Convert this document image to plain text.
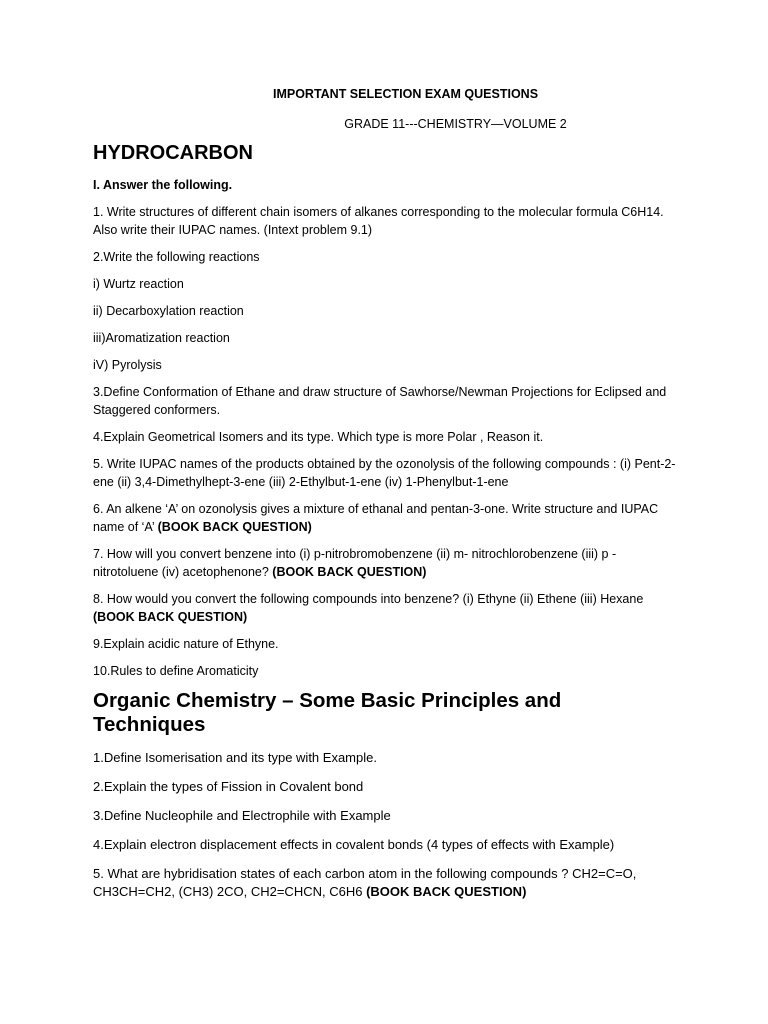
IMPORTANT SELECTION EXAM QUESTIONS
GRADE 11---CHEMISTRY—VOLUME 2
HYDROCARBON
I. Answer the following.

1. Write structures of different chain isomers of alkanes corresponding to the molecular formula C6H14. Also write their IUPAC names. (Intext problem 9.1)

2.Write the following reactions

i) Wurtz reaction

ii) Decarboxylation reaction

iii)Aromatization reaction

iV) Pyrolysis

3.Define Conformation of Ethane and draw structure of Sawhorse/Newman Projections for Eclipsed and Staggered conformers.

4.Explain Geometrical Isomers and its type. Which type is more Polar , Reason it.

5. Write IUPAC names of the products obtained by the ozonolysis of the following compounds : (i) Pent-2-ene (ii) 3,4-Dimethylhept-3-ene (iii) 2-Ethylbut-1-ene (iv) 1-Phenylbut-1-ene

6. An alkene ‘A’ on ozonolysis gives a mixture of ethanal and pentan-3-one. Write structure and IUPAC name of ‘A’ (BOOK BACK QUESTION)

7. How will you convert benzene into (i) p-nitrobromobenzene (ii) m- nitrochlorobenzene (iii) p -nitrotoluene (iv) acetophenone? (BOOK BACK QUESTION)

8. How would you convert the following compounds into benzene? (i) Ethyne (ii) Ethene (iii) Hexane (BOOK BACK QUESTION)

9.Explain acidic nature of Ethyne.

10.Rules to define Aromaticity

Organic Chemistry – Some Basic Principles and Techniques

1.Define Isomerisation and its type with Example.

2.Explain the types of Fission in Covalent bond

3.Define Nucleophile and Electrophile with Example

4.Explain electron displacement effects in covalent bonds (4 types of effects with Example)

5. What are hybridisation states of each carbon atom in the following compounds ? CH2=C=O, CH3CH=CH2, (CH3) 2CO, CH2=CHCN, C6H6 (BOOK BACK QUESTION)
